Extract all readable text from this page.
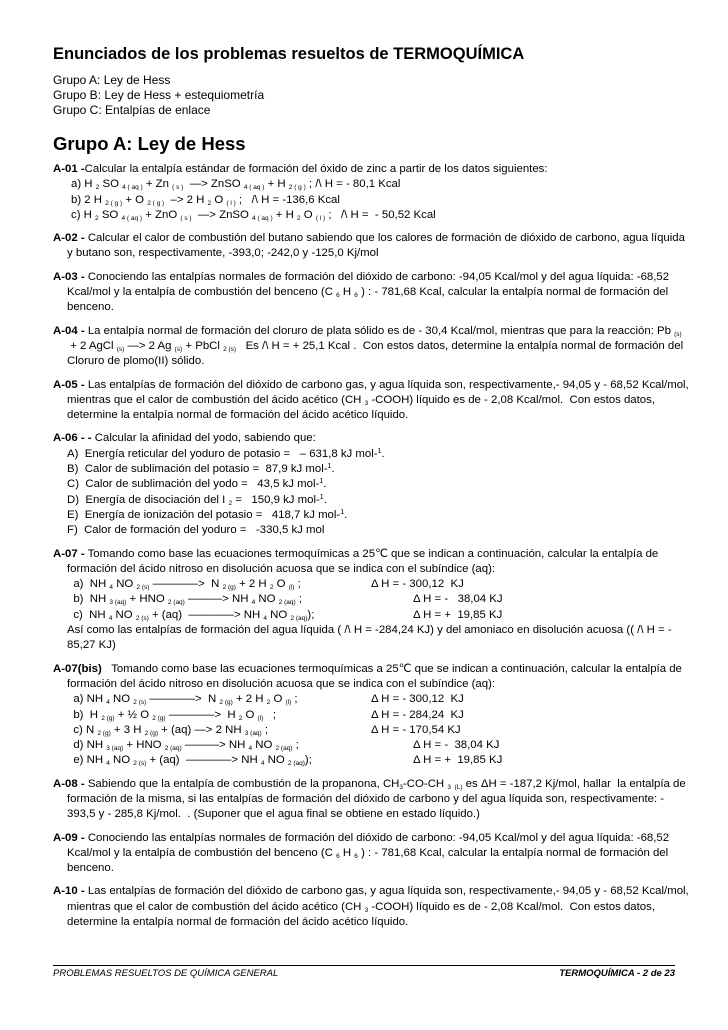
Enunciados de los problemas resueltos de TERMOQUÍMICA
Grupo A: Ley de Hess
Grupo B: Ley de Hess + estequiometría
Grupo C: Entalpías de enlace
Grupo A: Ley de Hess
A-01 -Calcular la entalpía estándar de formación del óxido de zinc a partir de los datos siguientes:
a) H $_2$ SO $_{4 ( aq )}$ + Zn $_{( s )}$  —> ZnSO $_{4 ( aq )}$ + H $_{2 ( g )}$ ; /\ H = - 80,1 Kcal
b) 2 H $_{2 ( g )}$ + O $_{2 ( g )}$  –> 2 H $_2$ O $_{( l )}$ ;   /\ H = -136,6 Kcal
c) H $_2$ SO $_{4 ( aq )}$ + ZnO $_{( s )}$  —> ZnSO $_{4 ( aq )}$ + H $_2$ O $_{( l )}$ ;   /\ H =  - 50,52 Kcal
A-02 - Calcular el calor de combustión del butano sabiendo que los calores de formación de dióxido de carbono, agua líquida y butano son, respectivamente, -393,0; -242,0 y -125,0 Kj/mol
A-03 - Conociendo las entalpías normales de formación del dióxido de carbono: -94,05 Kcal/mol y del agua líquida: -68,52 Kcal/mol y la entalpía de combustión del benceno (C $_6$ H $_6$ ) : - 781,68 Kcal, calcular la entalpía normal de formación del benceno.
A-04 - La entalpía normal de formación del cloruro de plata sólido es de - 30,4 Kcal/mol, mientras que para la reacción: Pb $_{(s)}$  + 2 AgCl $_{(s)}$ —> 2 Ag $_{(s)}$ + PbCl $_{2 (s)}$   Es /\ H = + 25,1 Kcal .  Con estos datos, determine la entalpía normal de formación del Cloruro de plomo(II) sólido.
A-05 - Las entalpías de formación del dióxido de carbono gas, y agua líquida son, respectivamente,- 94,05 y - 68,52 Kcal/mol, mientras que el calor de combustión del ácido acético (CH $_3$ -COOH) líquido es de - 2,08 Kcal/mol.  Con estos datos, determine la entalpía normal de formación del ácido acético líquido.
A-06 - - Calcular la afinidad del yodo, sabiendo que:
A)  Energía reticular del yoduro de potasio =   – 631,8 kJ mol-$^1$.
B)  Calor de sublimación del potasio =  87,9 kJ mol-$^1$.
C)  Calor de sublimación del yodo =   43,5 kJ mol-$^1$.
D)  Energía de disociación del I $_2$ =   150,9 kJ mol-$^1$.
E)  Energía de ionización del potasio =   418,7 kJ mol-$^1$.
F)  Calor de formación del yoduro =   -330,5 kJ mol
A-07 - Tomando como base las ecuaciones termoquímicas a 25℃ que se indican a continuación, calcular la entalpía de formación del ácido nitroso en disolución acuosa que se indica con el subíndice (aq):
a)  NH $_4$ NO $_{2 (s)}$ ————>  N $_{2 (g)}$ + 2 H $_2$ O $_{(l)}$ ;	Δ H = - 300,12  KJ
b)  NH $_{3 (aq)}$ + HNO $_{2 (aq)}$ ———> NH $_4$ NO $_{2 (aq)}$ ;	Δ H = -   38,04 KJ
c)  NH $_4$ NO $_{2 (s)}$ + (aq)  ————> NH $_4$ NO $_{2 (aq)}$);	Δ H = +  19,85 KJ
Así como las entalpías de formación del agua líquida ( /\ H = -284,24 KJ) y del amoniaco en disolución acuosa (( /\ H = - 85,27 KJ)
A-07(bis)   Tomando como base las ecuaciones termoquímicas a 25℃ que se indican a continuación, calcular la entalpía de formación del ácido nitroso en disolución acuosa que se indica con el subíndice (aq):
a) NH $_4$ NO $_{2 (s)}$ ————>  N $_{2 (g)}$ + 2 H $_2$ O $_{(l)}$ ;	Δ H = - 300,12  KJ
b)  H $_{2 (g)}$ + ½ O $_{2 (g)}$ ————>  H $_2$ O $_{(l)}$   ;	Δ H = - 284,24  KJ
c) N $_{2 (g)}$ + 3 H $_{2 (g)}$ + (aq) —> 2 NH $_{3 (aq)}$ ;	Δ H = - 170,54 KJ
d) NH $_{3 (aq)}$ + HNO $_{2 (aq)}$ ———> NH $_4$ NO $_{2 (aq)}$ ;	Δ H = -  38,04 KJ
e) NH $_4$ NO $_{2 (s)}$ + (aq)  ————> NH $_4$ NO $_{2 (aq)}$);	Δ H = +  19,85 KJ
A-08 - Sabiendo que la entalpía de combustión de la propanona, $CH_3-CO-CH$ $_{3 (L)}$ es ΔH = -187,2 Kj/mol, hallar  la entalpía de formación de la misma, si las entalpías de formación del dióxido de carbono y del agua líquida son, respectivamente: - 393,5 y - 285,8 Kj/mol.  . (Suponer que el agua final se obtiene en estado líquido.)
A-09 - Conociendo las entalpías normales de formación del dióxido de carbono: -94,05 Kcal/mol y del agua líquida: -68,52 Kcal/mol y la entalpía de combustión del benceno (C $_6$ H $_6$ ) : - 781,68 Kcal, calcular la entalpía normal de formación del benceno.
A-10 - Las entalpías de formación del dióxido de carbono gas, y agua líquida son, respectivamente,- 94,05 y - 68,52 Kcal/mol, mientras que el calor de combustión del ácido acético (CH $_3$ -COOH) líquido es de - 2,08 Kcal/mol.  Con estos datos, determine la entalpía normal de formación del ácido acético líquido.
PROBLEMAS RESUELTOS DE QUÍMICA GENERAL	TERMOQUÍMICA - 2 de 23
